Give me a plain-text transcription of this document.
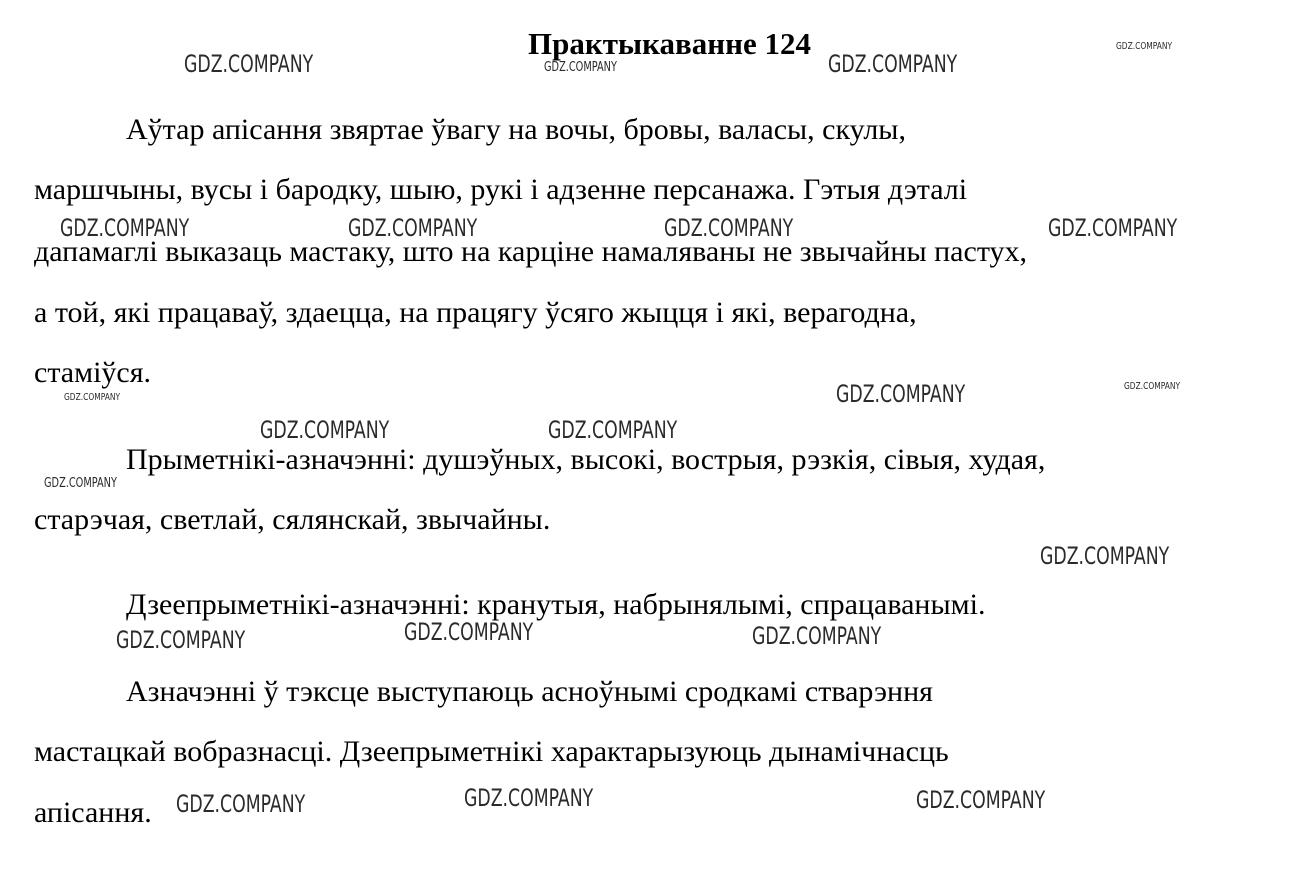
Практыкаванне 124
Аўтар апісання звяртае ўвагу на вочы, бровы, валасы, скулы,
маршчыны, вусы і бародку, шыю, рукі і адзенне персанажа. Гэтыя дэталі
дапамаглі выказаць мастаку, што на карціне намаляваны не звычайны пастух,
а той, які працаваў, здаецца, на працягу ўсяго жыцця і які, верагодна,
стаміўся.
Прыметнікі-азначэнні: душэўных, высокі, вострыя, рэзкія, сівыя, худая,
старэчая, светлай, сялянскай, звычайны.
Дзеепрыметнікі-азначэнні: кранутыя, набрынялымі, спрацаванымі.
Азначэнні ў тэксце выступаюць асноўнымі сродкамі стварэння
мастацкай вобразнасці. Дзеепрыметнікі характарызуюць дынамічнасць
апісання.
GDZ.COMPANY	GDZ.COMPANY	GDZ.COMPANY
GDZ.COMPANY
GDZ.COMPANY	GDZ.COMPANY	GDZ.COMPANY	GDZ.COMPANY
GDZ.COMPANY	GDZ.COMPANY	GDZ.COMPANY
GDZ.COMPANY	GDZ.COMPANY
GDZ.COMPANY
GDZ.COMPANY
GDZ.COMPANY	GDZ.COMPANY	GDZ.COMPANY
GDZ.COMPANY	GDZ.COMPANY	GDZ.COMPANY
